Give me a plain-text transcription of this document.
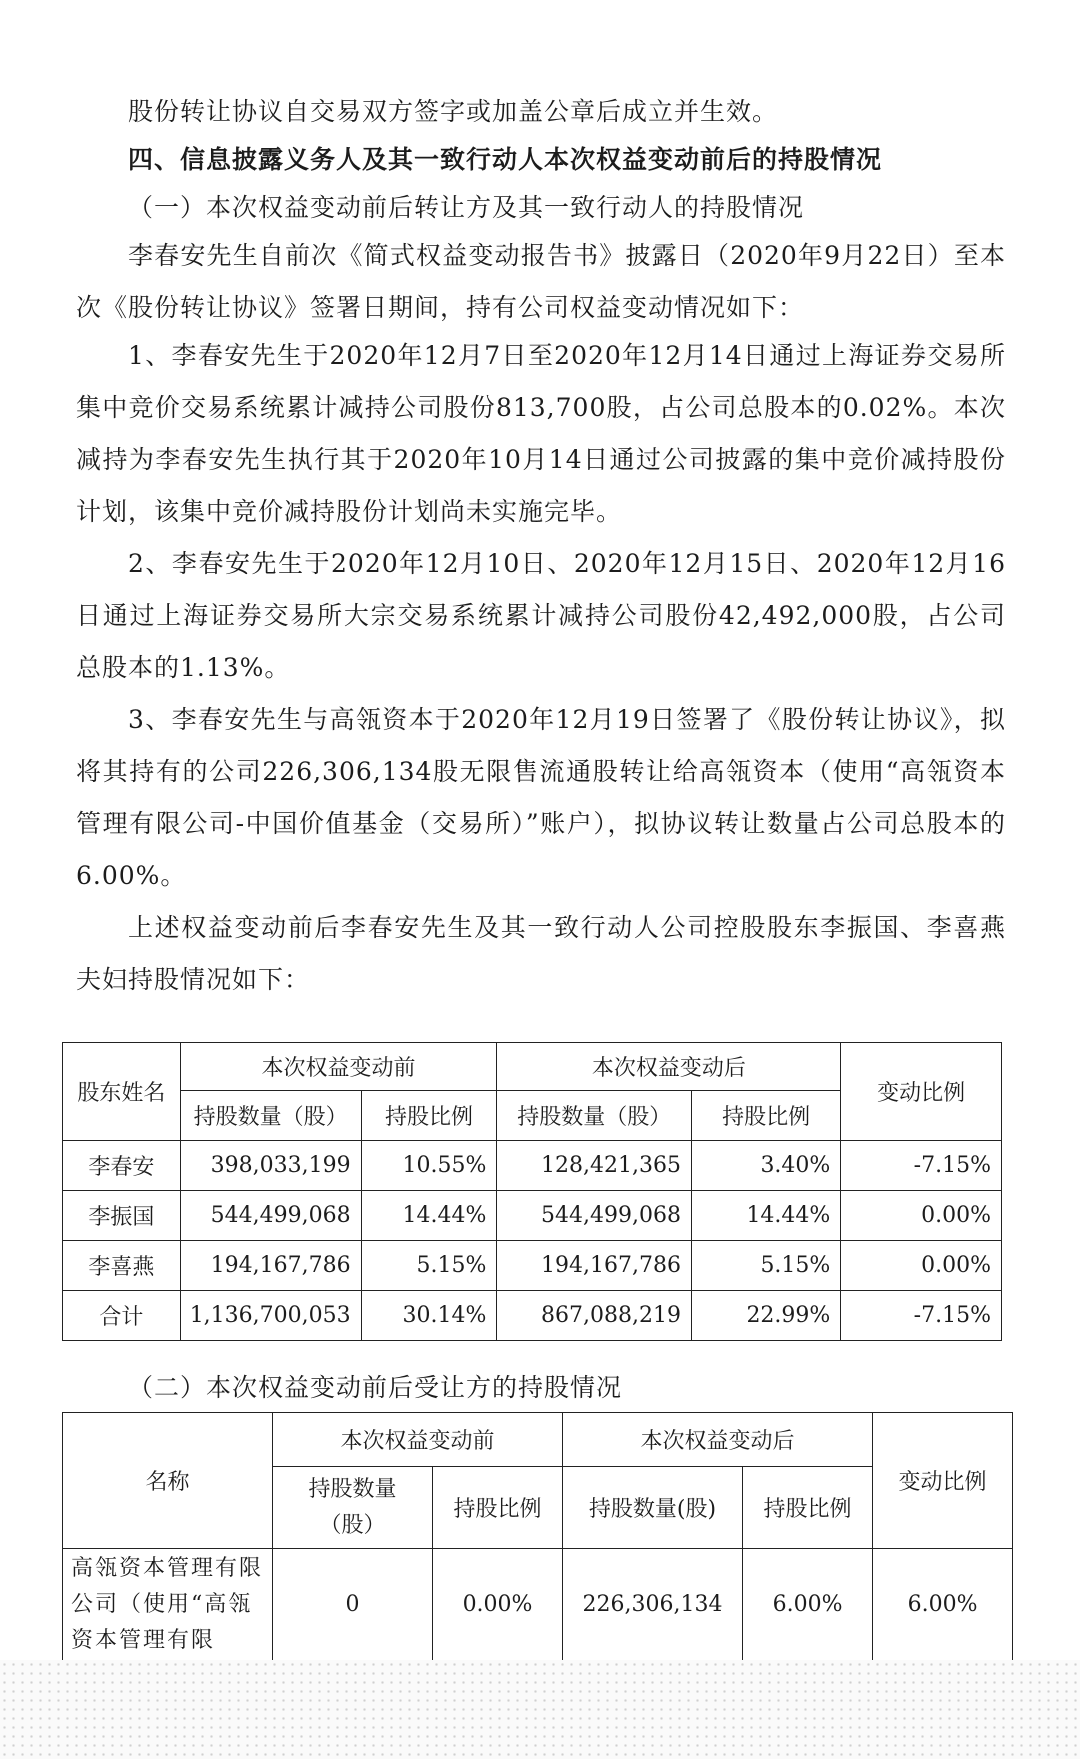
股份转让协议自交易双方签字或加盖公章后成立并生效。

四、信息披露义务人及其一致行动人本次权益变动前后的持股情况

（一）本次权益变动前后转让方及其一致行动人的持股情况

李春安先生自前次《简式权益变动报告书》披露日（2020年9月22日）至本次《股份转让协议》签署日期间，持有公司权益变动情况如下：

1、李春安先生于2020年12月7日至2020年12月14日通过上海证券交易所集中竞价交易系统累计减持公司股份813,700股，占公司总股本的0.02%。本次减持为李春安先生执行其于2020年10月14日通过公司披露的集中竞价减持股份计划，该集中竞价减持股份计划尚未实施完毕。

2、李春安先生于2020年12月10日、2020年12月15日、2020年12月16日通过上海证券交易所大宗交易系统累计减持公司股份42,492,000股，占公司总股本的1.13%。

3、李春安先生与高瓴资本于2020年12月19日签署了《股份转让协议》，拟将其持有的公司226,306,134股无限售流通股转让给高瓴资本（使用“高瓴资本管理有限公司-中国价值基金（交易所）”账户），拟协议转让数量占公司总股本的6.00%。

上述权益变动前后李春安先生及其一致行动人公司控股股东李振国、李喜燕夫妇持股情况如下：

股东姓名	本次权益变动前		本次权益变动后		变动比例
	持股数量（股）	持股比例	持股数量（股）	持股比例	
李春安	398,033,199	10.55%	128,421,365	3.40%	-7.15%
李振国	544,499,068	14.44%	544,499,068	14.44%	0.00%
李喜燕	194,167,786	5.15%	194,167,786	5.15%	0.00%
合计	1,136,700,053	30.14%	867,088,219	22.99%	-7.15%

（二）本次权益变动前后受让方的持股情况

名称	本次权益变动前		本次权益变动后		变动比例
	持股数量（股）	持股比例	持股数量(股)	持股比例	
高瓴资本管理有限公司（使用“高瓴资本管理有限	0	0.00%	226,306,134	6.00%	6.00%
